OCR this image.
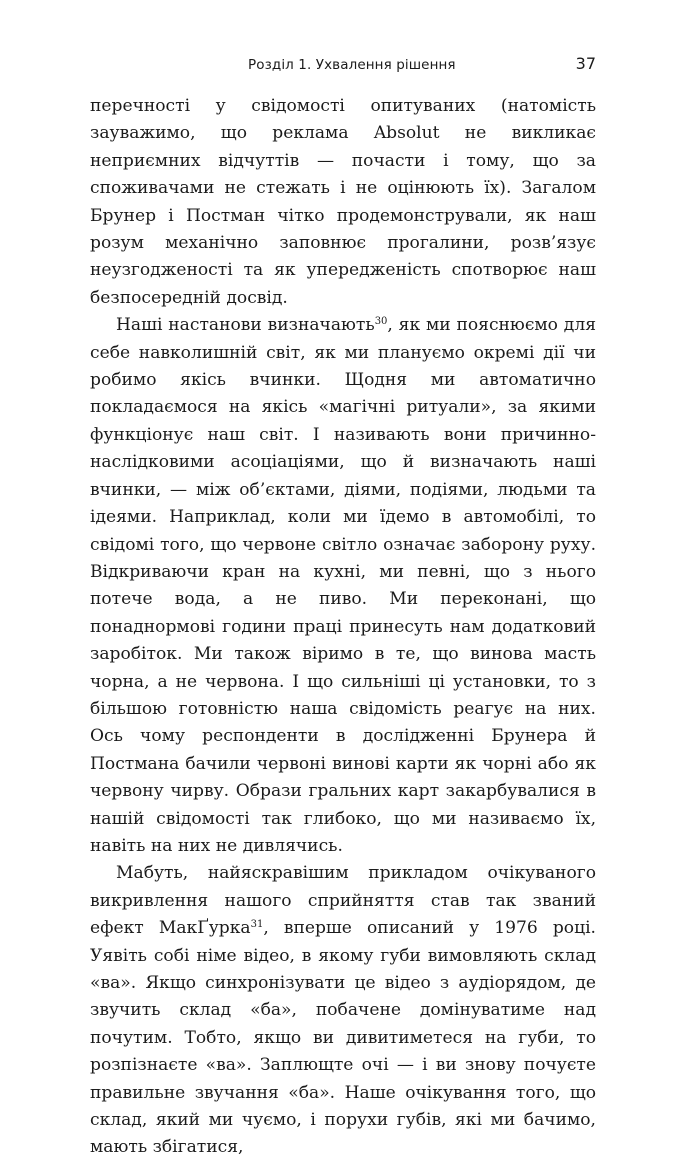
Розділ 1. Ухвалення рішення	37

перечності у свідомості опитуваних (натомість зауважимо, що реклама Absolut не викликає неприємних відчуттів — почасти і тому, що за споживачами не стежать і не оцінюють їх). Загалом Брунер і Постман чітко продемонстрували, як наш розум механічно заповнює прогалини, розв’язує неузгодженості та як упередженість спотворює наш безпосередній досвід.

Наші настанови визначають$^{30}$, як ми пояснюємо для себе навколишній світ, як ми плануємо окремі дії чи робимо якісь вчинки. Щодня ми автоматично покладаємося на якісь «магічні ритуали», за якими функціонує наш світ. І називають вони причинно-наслідковими асоціаціями, що й визначають наші вчинки, — між об’єктами, діями, подіями, людьми та ідеями. Наприклад, коли ми їдемо в автомобілі, то свідомі того, що червоне світло означає заборону руху. Відкриваючи кран на кухні, ми певні, що з нього потече вода, а не пиво. Ми переконані, що понаднормові години праці принесуть нам додатковий заробіток. Ми також віримо в те, що винова масть чорна, а не червона. І що сильніші ці установки, то з більшою готовністю наша свідомість реагує на них. Ось чому респонденти в дослідженні Брунера й Постмана бачили червоні винові карти як чорні або як червону чирву. Образи гральних карт закарбувалися в нашій свідомості так глибоко, що ми називаємо їх, навіть на них не дивлячись.

Мабуть, найяскравішим прикладом очікуваного викривлення нашого сприйняття став так званий ефект МакҐурка$^{31}$, вперше описаний у 1976 році. Уявіть собі німе відео, в якому губи вимовляють склад «ва». Якщо синхронізувати це відео з аудіорядом, де звучить склад «ба», побачене домінуватиме над почутим. Тобто, якщо ви дивитиметеся на губи, то розпізнаєте «ва». Заплющте очі — і ви знову почуєте правильне звучання «ба». Наше очікування того, що склад, який ми чуємо, і порухи губів, які ми бачимо, мають збігатися,
